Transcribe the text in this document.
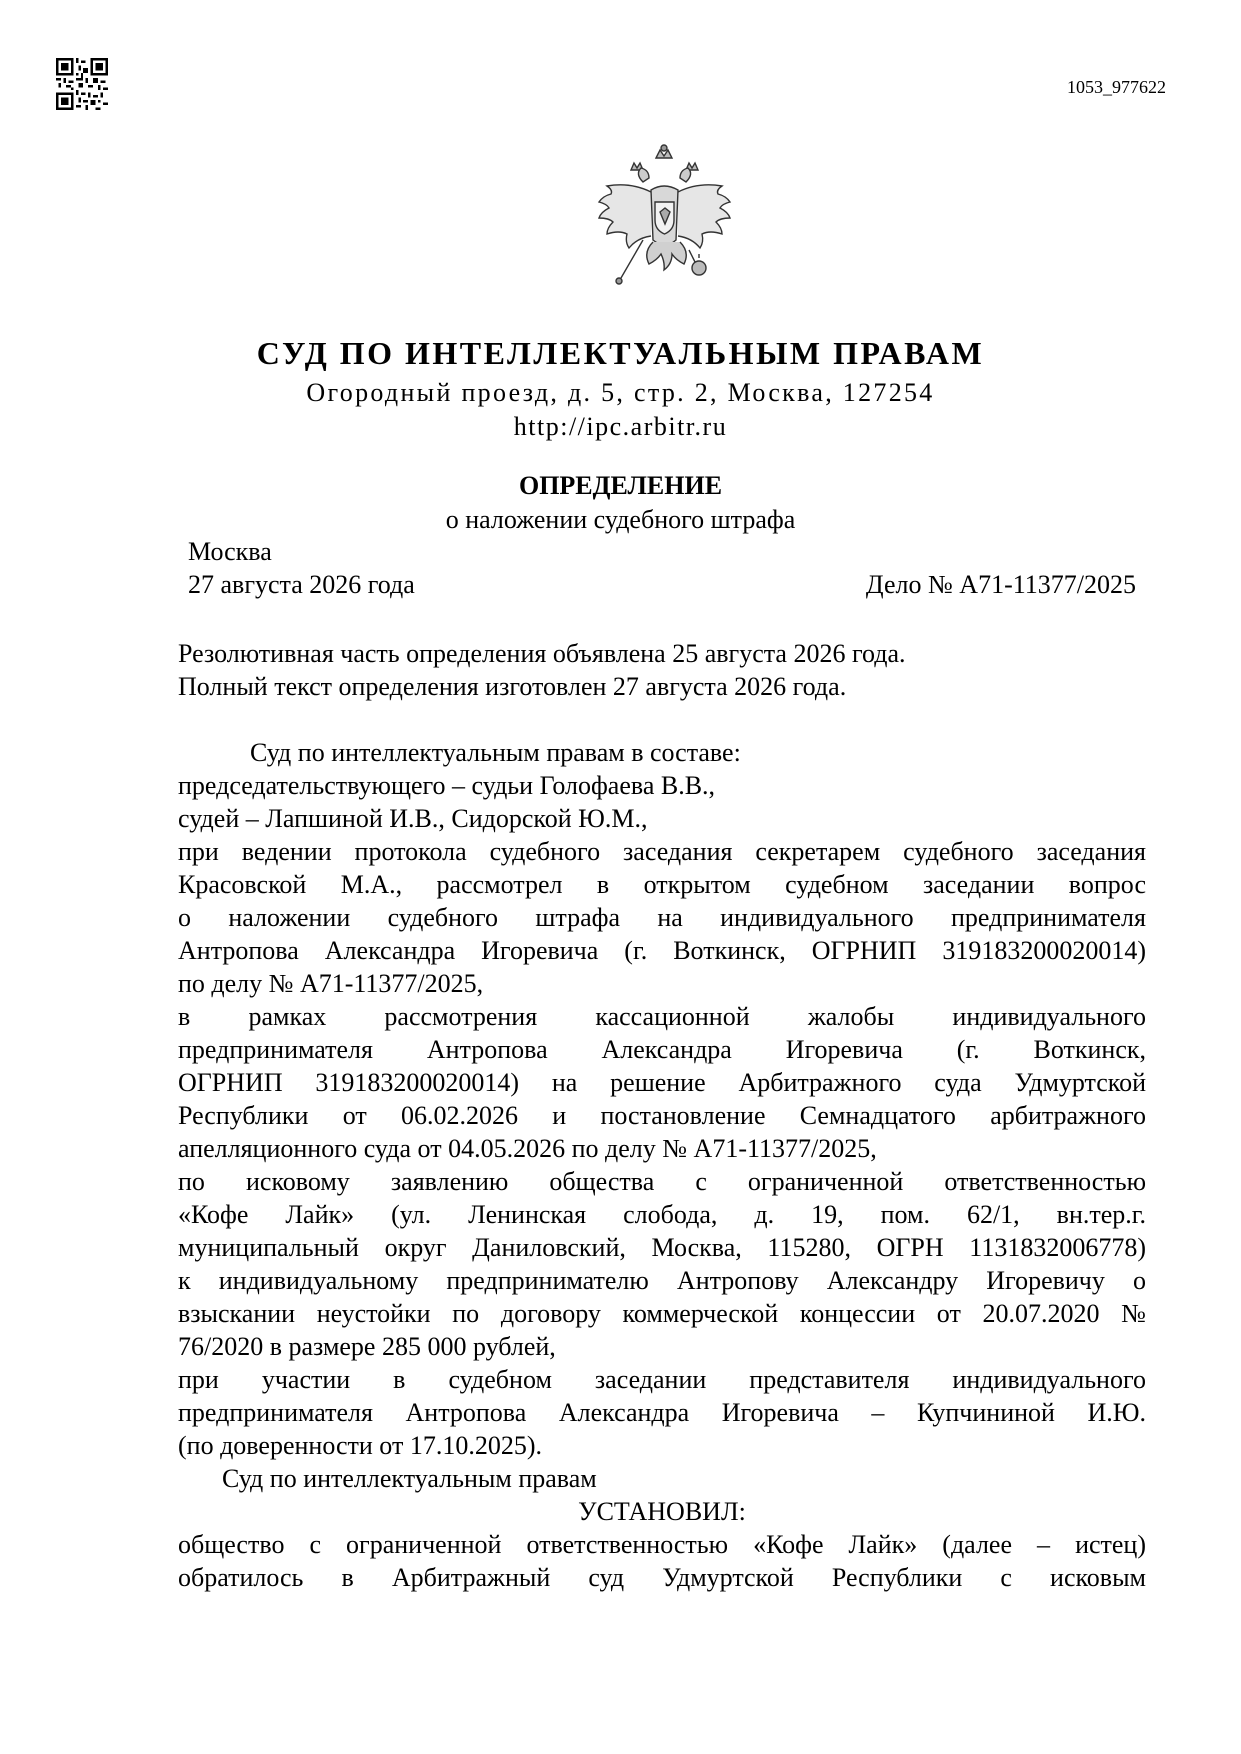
1053_977622
СУД ПО ИНТЕЛЛЕКТУАЛЬНЫМ ПРАВАМ
Огородный проезд, д. 5, стр. 2, Москва, 127254
http://ipc.arbitr.ru
ОПРЕДЕЛЕНИЕ
о наложении судебного штрафа
Москва
27 августа 2026 года	Дело № А71-11377/2025

Резолютивная часть определения объявлена 25 августа 2026 года.

Полный текст определения изготовлен 27 августа 2026 года.

Суд по интеллектуальным правам в составе:

председательствующего – судьи Голофаева В.В.,

судей – Лапшиной И.В., Сидорской Ю.М.,

при ведении протокола судебного заседания секретарем судебного заседания

Красовской М.А., рассмотрел в открытом судебном заседании вопрос

о наложении судебного штрафа на индивидуального предпринимателя

Антропова Александра Игоревича (г. Воткинск, ОГРНИП 319183200020014)

по делу № А71-11377/2025,

в рамках рассмотрения кассационной жалобы индивидуального

предпринимателя Антропова Александра Игоревича (г. Воткинск,

ОГРНИП 319183200020014) на решение Арбитражного суда Удмуртской

Республики от 06.02.2026 и постановление Семнадцатого арбитражного

апелляционного суда от 04.05.2026 по делу № А71-11377/2025,

по исковому заявлению общества с ограниченной ответственностью

«Кофе Лайк» (ул. Ленинская слобода, д. 19, пом. 62/1, вн.тер.г.

муниципальный округ Даниловский, Москва, 115280, ОГРН 1131832006778)

к индивидуальному предпринимателю Антропову Александру Игоревичу о

взыскании неустойки по договору коммерческой концессии от 20.07.2020 №

76/2020 в размере 285 000 рублей,

при участии в судебном заседании представителя индивидуального

предпринимателя Антропова Александра Игоревича – Купчининой И.Ю.

(по доверенности от 17.10.2025).

Суд по интеллектуальным правам

УСТАНОВИЛ:

общество с ограниченной ответственностью «Кофе Лайк» (далее – истец)

обратилось в Арбитражный суд Удмуртской Республики с исковым
